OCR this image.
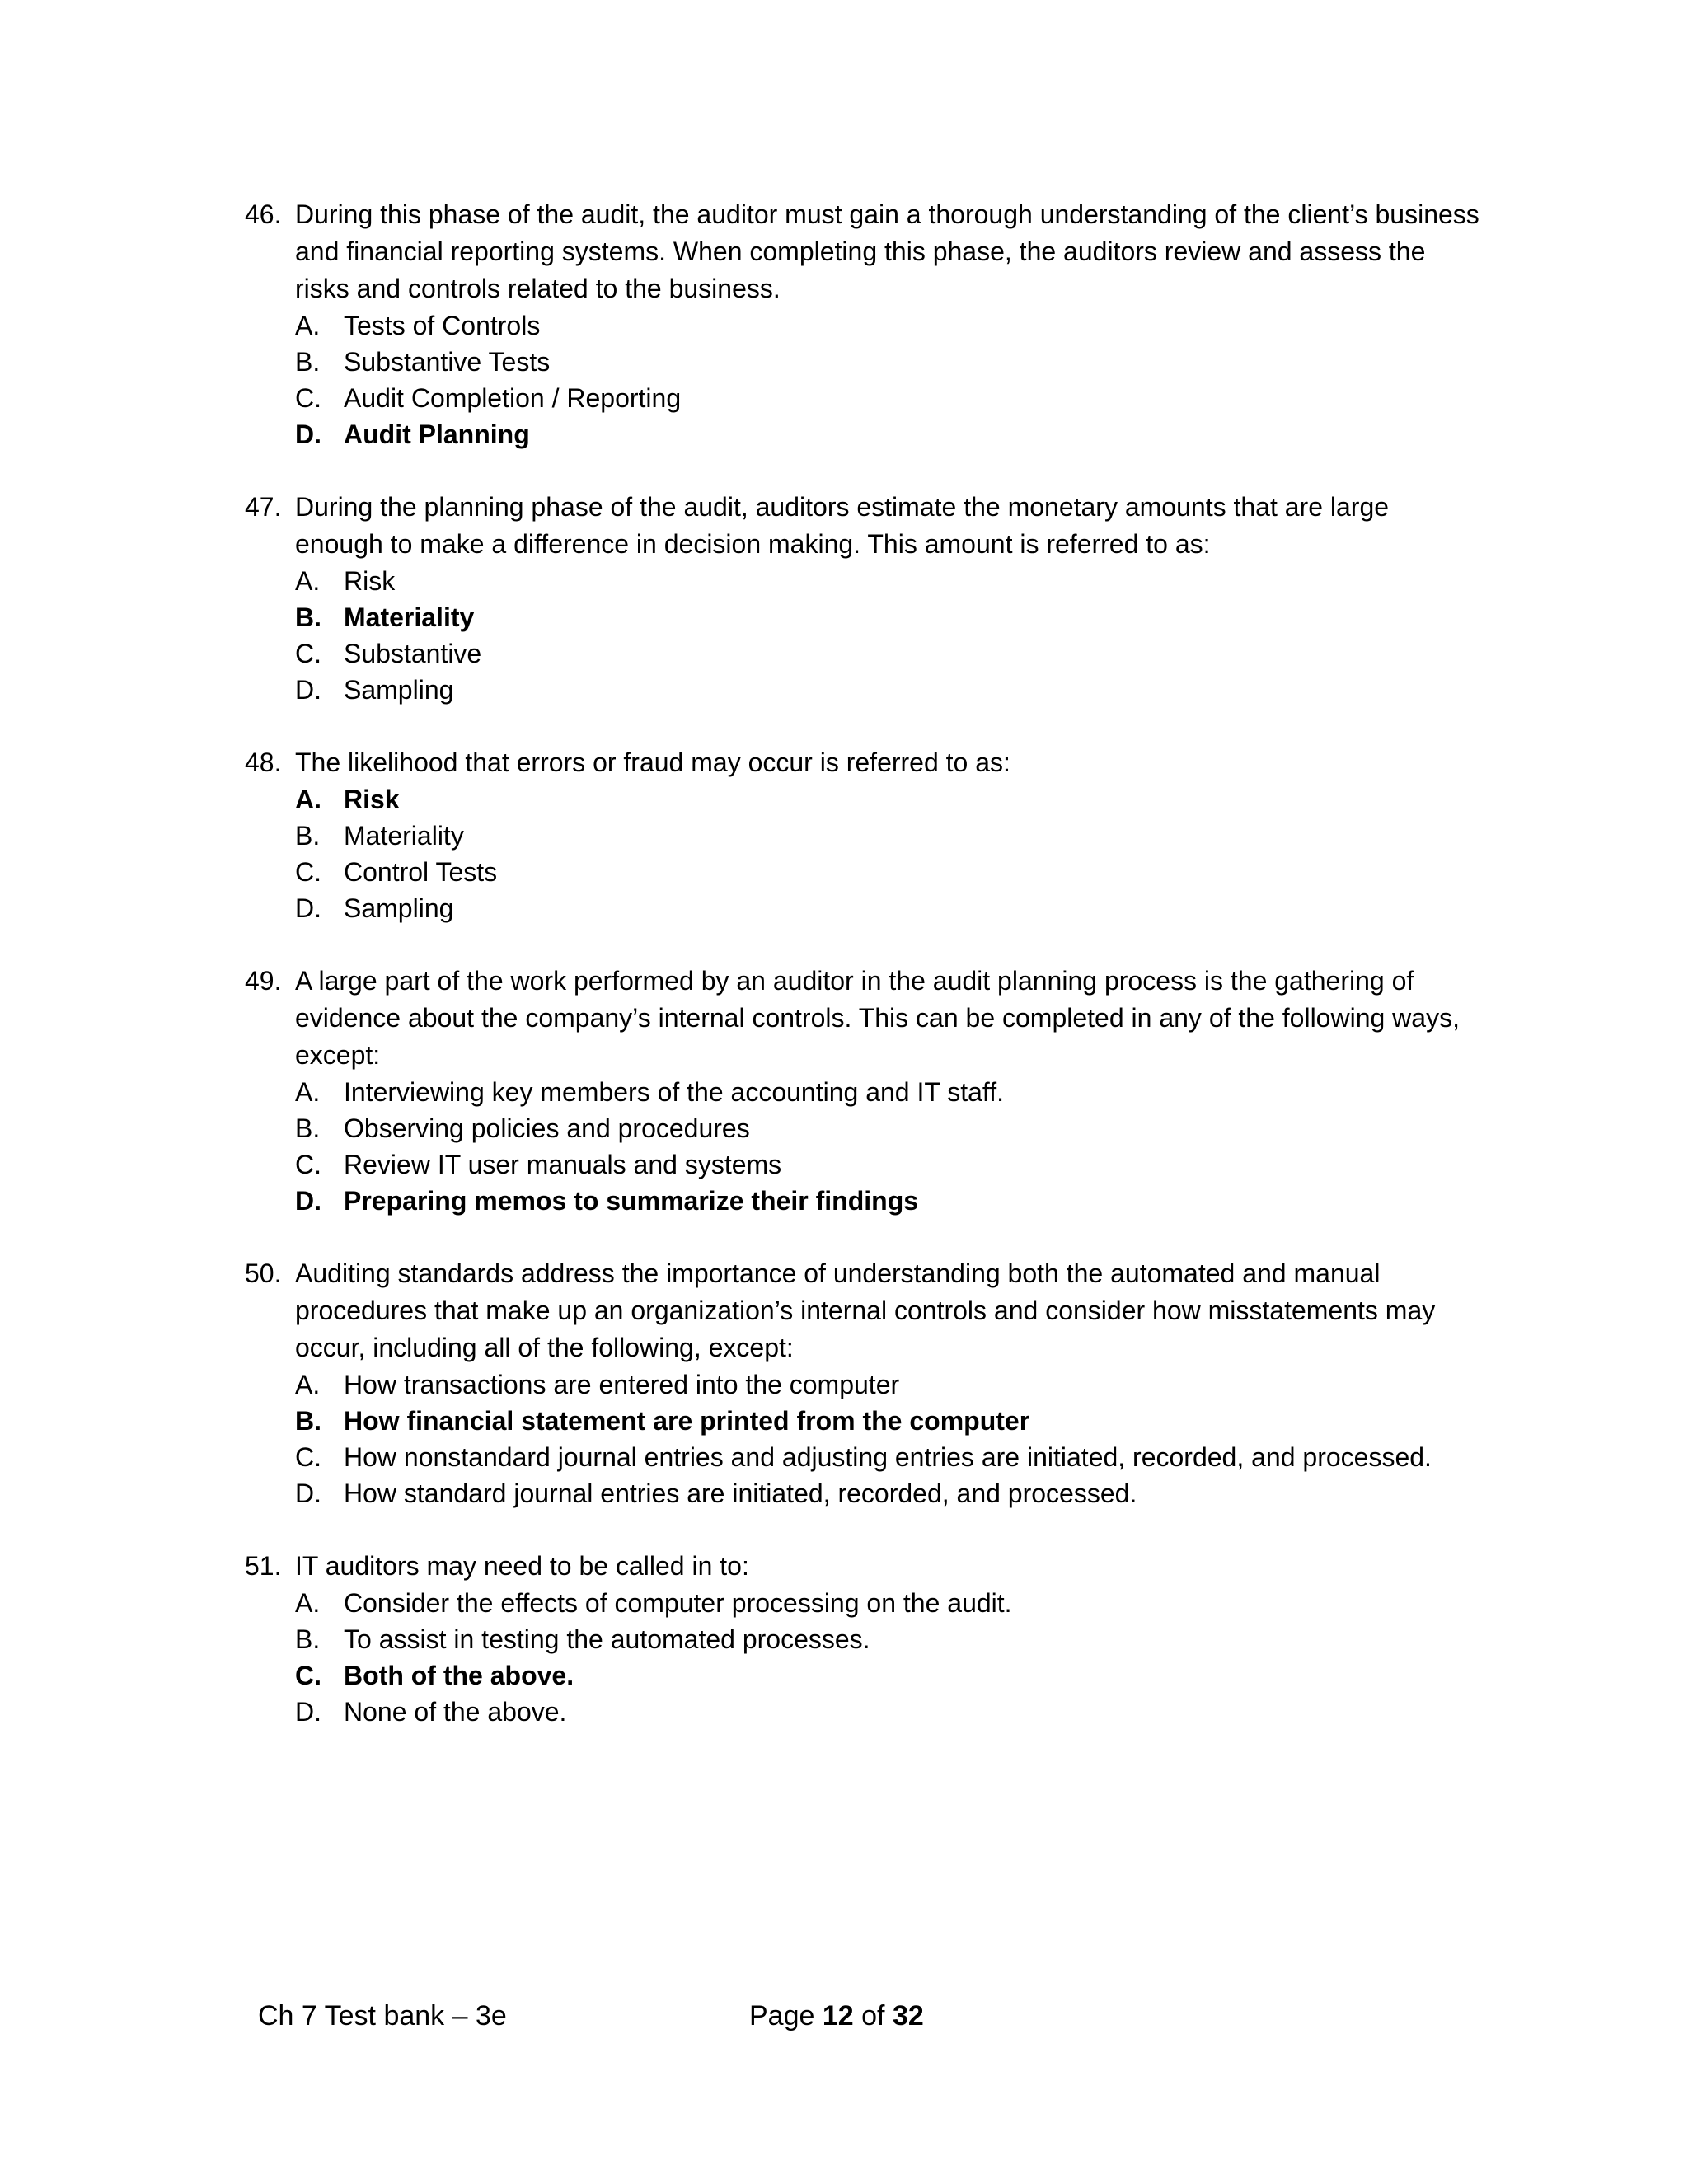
46. During this phase of the audit, the auditor must gain a thorough understanding of the client’s business and financial reporting systems. When completing this phase, the auditors review and assess the risks and controls related to the business.
A. Tests of Controls
B. Substantive Tests
C. Audit Completion / Reporting
D. Audit Planning
47. During the planning phase of the audit, auditors estimate the monetary amounts that are large enough to make a difference in decision making. This amount is referred to as:
A. Risk
B. Materiality
C. Substantive
D. Sampling
48. The likelihood that errors or fraud may occur is referred to as:
A. Risk
B. Materiality
C. Control Tests
D. Sampling
49. A large part of the work performed by an auditor in the audit planning process is the gathering of evidence about the company’s internal controls. This can be completed in any of the following ways, except:
A. Interviewing key members of the accounting and IT staff.
B. Observing policies and procedures
C. Review IT user manuals and systems
D. Preparing memos to summarize their findings
50. Auditing standards address the importance of understanding both the automated and manual procedures that make up an organization’s internal controls and consider how misstatements may occur, including all of the following, except:
A. How transactions are entered into the computer
B. How financial statement are printed from the computer
C. How nonstandard journal entries and adjusting entries are initiated, recorded, and processed.
D. How standard journal entries are initiated, recorded, and processed.
51. IT auditors may need to be called in to:
A. Consider the effects of computer processing on the audit.
B. To assist in testing the automated processes.
C. Both of the above.
D. None of the above.
Ch 7 Test bank – 3e	Page 12 of 32
